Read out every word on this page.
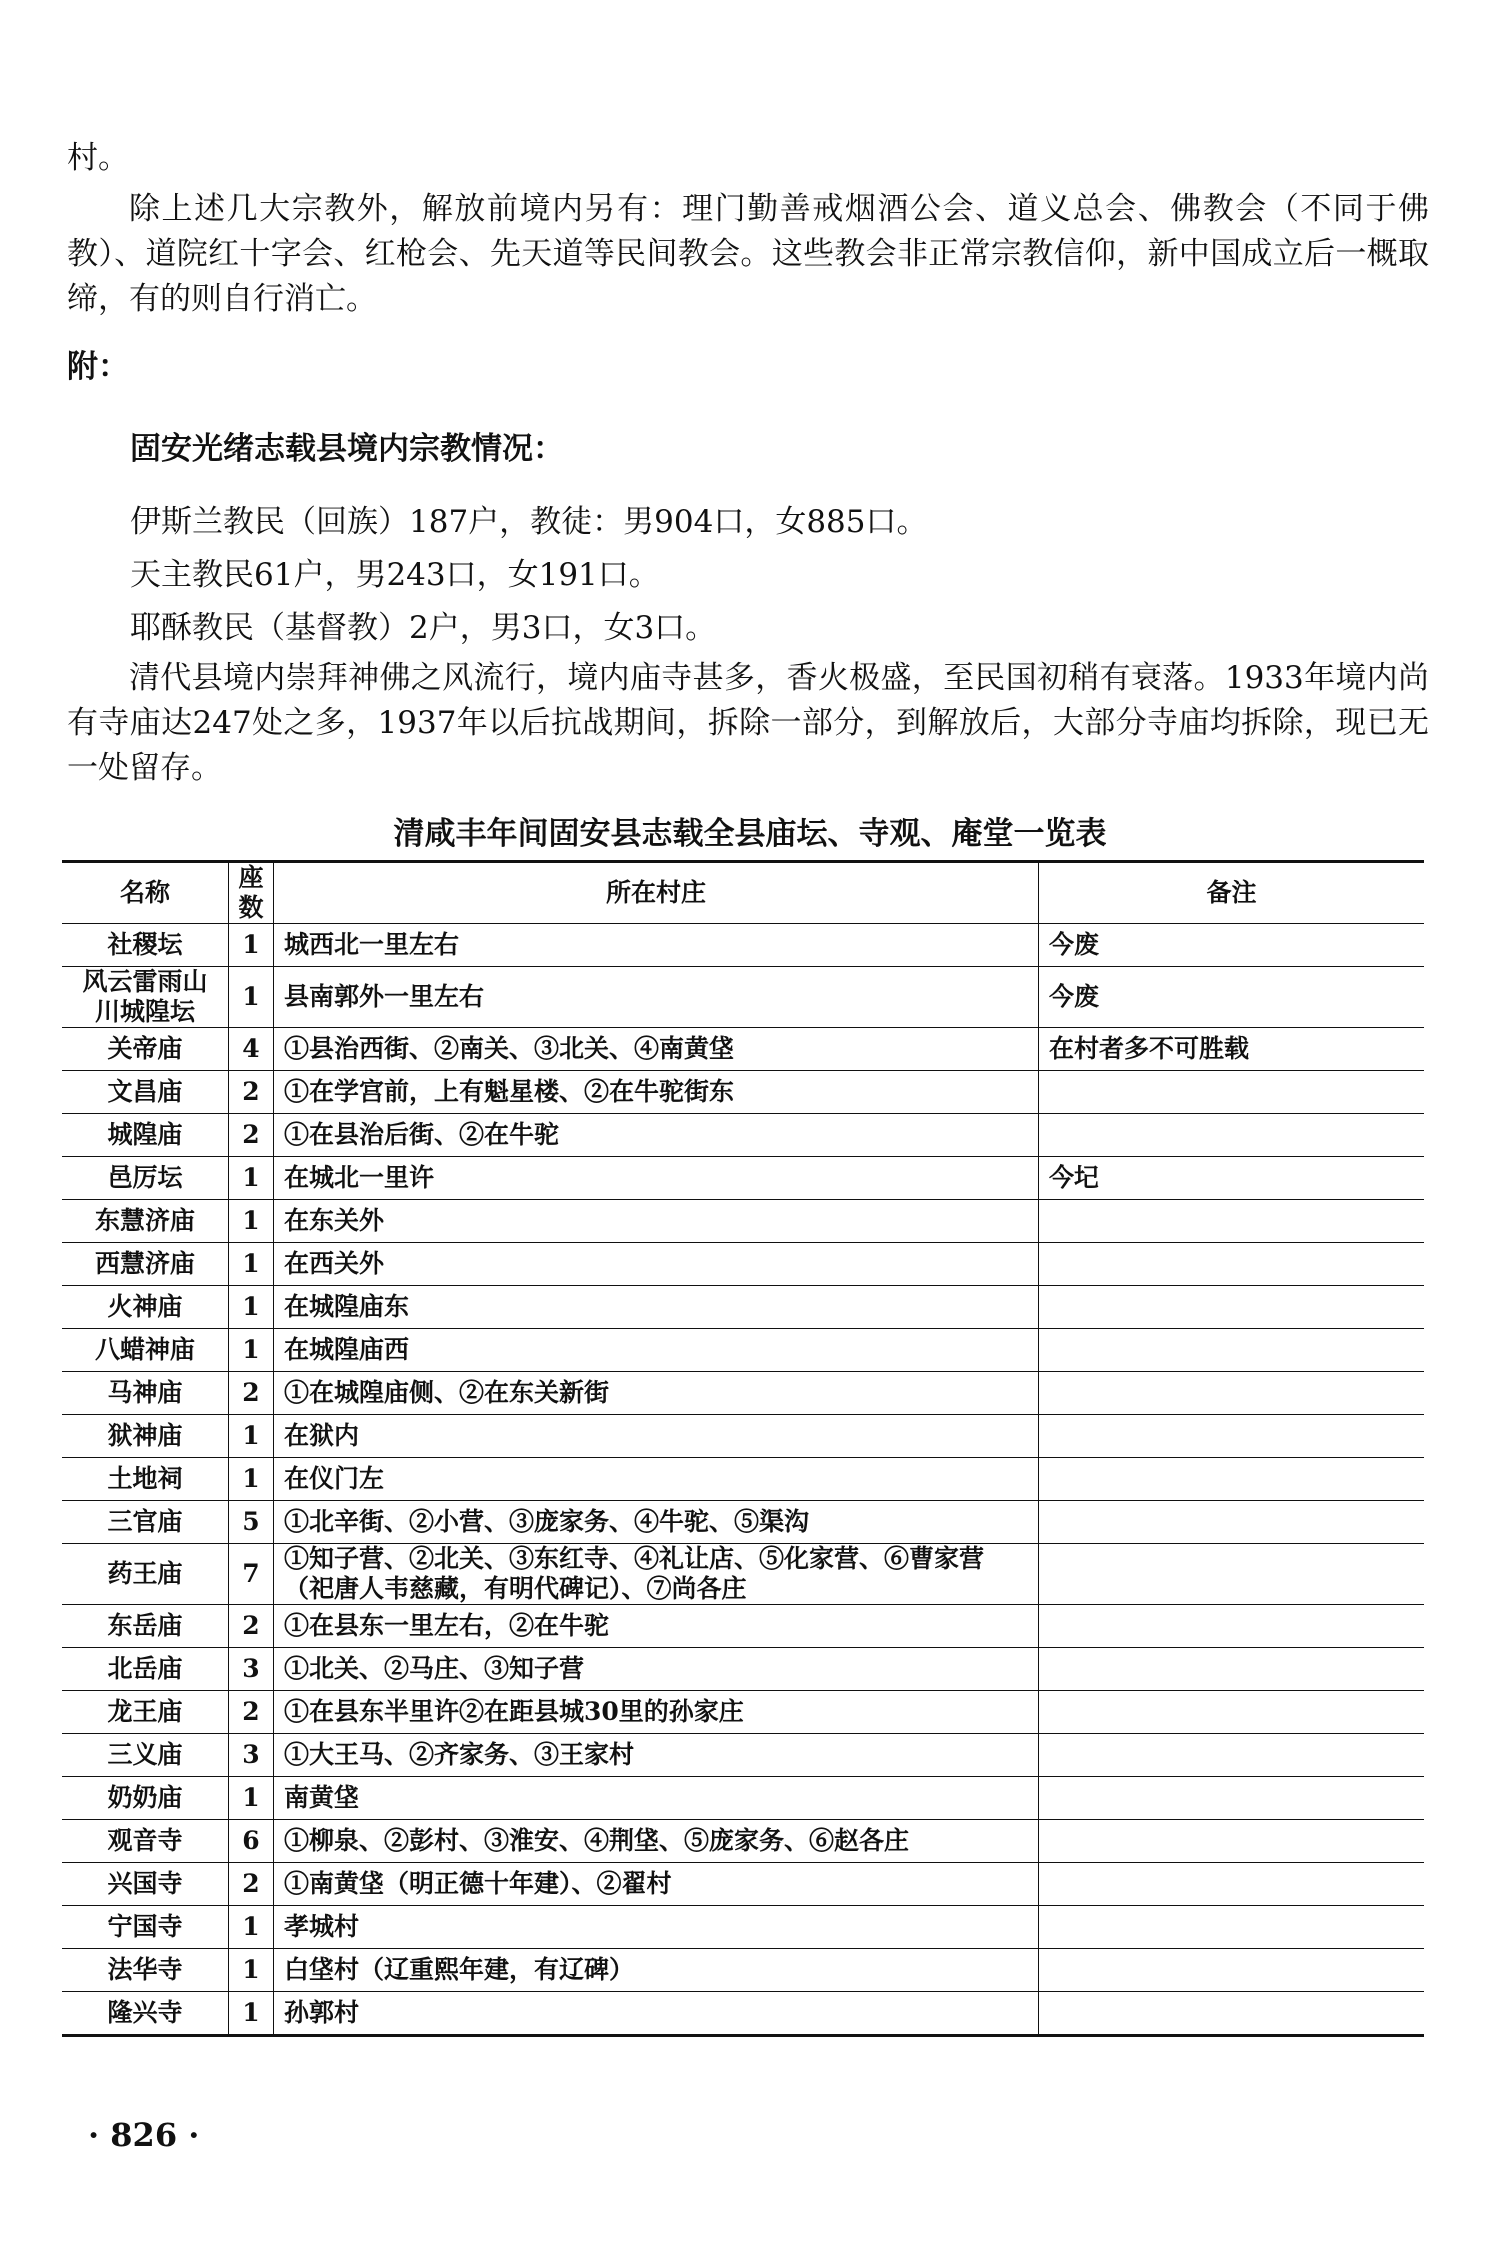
村。

除上述几大宗教外，解放前境内另有：理门勤善戒烟酒公会、道义总会、佛教会（不同于佛教）、道院红十字会、红枪会、先天道等民间教会。这些教会非正常宗教信仰，新中国成立后一概取缔，有的则自行消亡。

附：
固安光绪志载县境内宗教情况：
伊斯兰教民（回族）187户，教徒：男904口，女885口。
天主教民61户，男243口，女191口。
耶酥教民（基督教）2户，男3口，女3口。

清代县境内崇拜神佛之风流行，境内庙寺甚多，香火极盛，至民国初稍有衰落。1933年境内尚有寺庙达247处之多，1937年以后抗战期间，拆除一部分，到解放后，大部分寺庙均拆除，现已无一处留存。

清咸丰年间固安县志载全县庙坛、寺观、庵堂一览表
名称	座数	所在村庄	备注
社稷坛	1	城西北一里左右	今废
风云雷雨山川城隍坛	1	县南郭外一里左右	今废
关帝庙	4	①县治西街、②南关、③北关、④南黄垡	在村者多不可胜载
文昌庙	2	①在学宫前，上有魁星楼、②在牛驼街东	
城隍庙	2	①在县治后街、②在牛驼	
邑厉坛	1	在城北一里许	今圮
东慧济庙	1	在东关外	
西慧济庙	1	在西关外	
火神庙	1	在城隍庙东	
八蜡神庙	1	在城隍庙西	
马神庙	2	①在城隍庙侧、②在东关新街	
狱神庙	1	在狱内	
土地祠	1	在仪门左	
三官庙	5	①北辛街、②小营、③庞家务、④牛驼、⑤渠沟	
药王庙	7	①知子营、②北关、③东红寺、④礼让店、⑤化家营、⑥曹家营（祀唐人韦慈藏，有明代碑记）、⑦尚各庄	
东岳庙	2	①在县东一里左右，②在牛驼	
北岳庙	3	①北关、②马庄、③知子营	
龙王庙	2	①在县东半里许②在距县城30里的孙家庄	
三义庙	3	①大王马、②齐家务、③王家村	
奶奶庙	1	南黄垡	
观音寺	6	①柳泉、②彭村、③淮安、④荆垡、⑤庞家务、⑥赵各庄	
兴国寺	2	①南黄垡（明正德十年建）、②翟村	
宁国寺	1	孝城村	
法华寺	1	白垡村（辽重熙年建，有辽碑）	
隆兴寺	1	孙郭村	
· 826 ·
